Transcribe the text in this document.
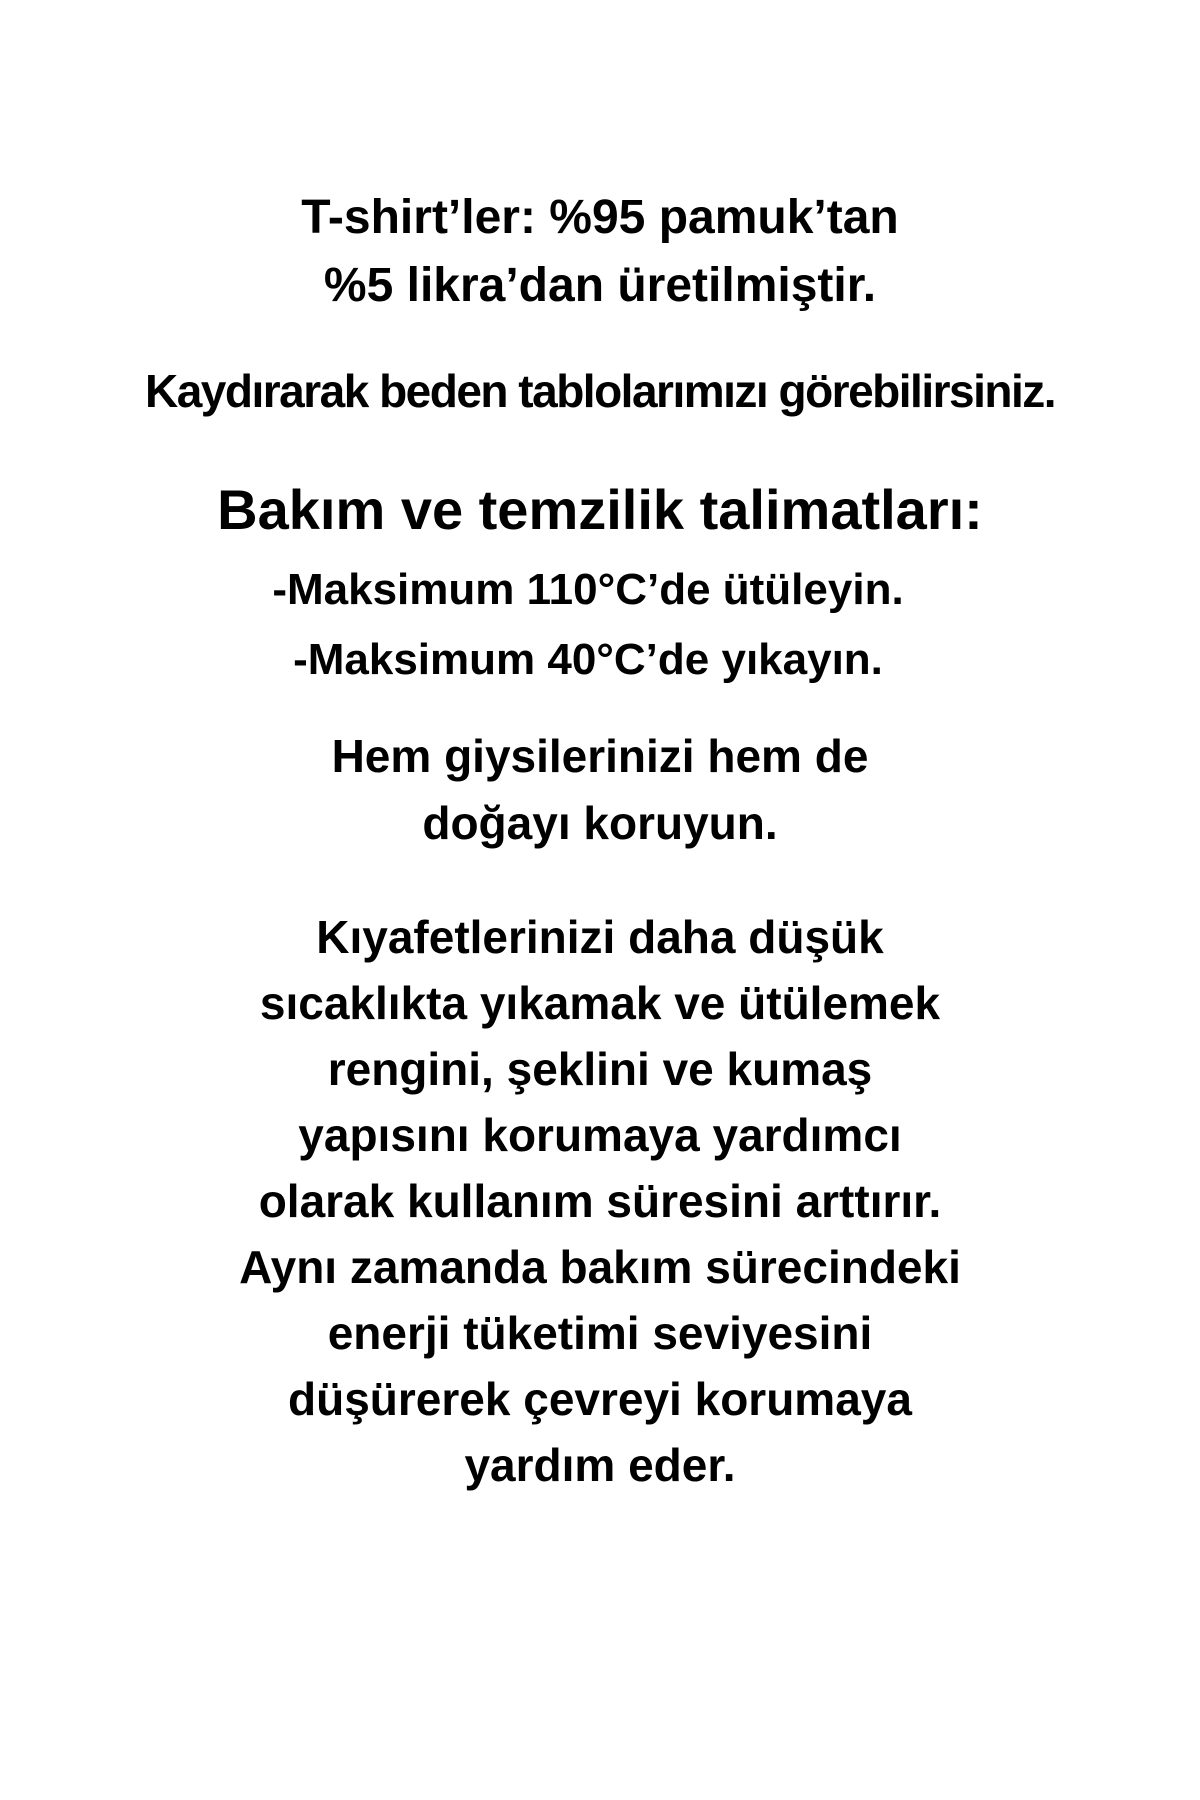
T-shirt’ler: %95 pamuk’tan
%5 likra’dan üretilmiştir.
Kaydırarak beden tablolarımızı görebilirsiniz.
Bakım ve temzilik talimatları:
-Maksimum 110°C’de ütüleyin.
-Maksimum 40°C’de yıkayın.
Hem giysilerinizi hem de
doğayı koruyun.
Kıyafetlerinizi daha düşük
sıcaklıkta yıkamak ve ütülemek
rengini, şeklini ve kumaş
yapısını korumaya yardımcı
olarak kullanım süresini arttırır.
Aynı zamanda bakım sürecindeki
enerji tüketimi seviyesini
düşürerek çevreyi korumaya
yardım eder.
